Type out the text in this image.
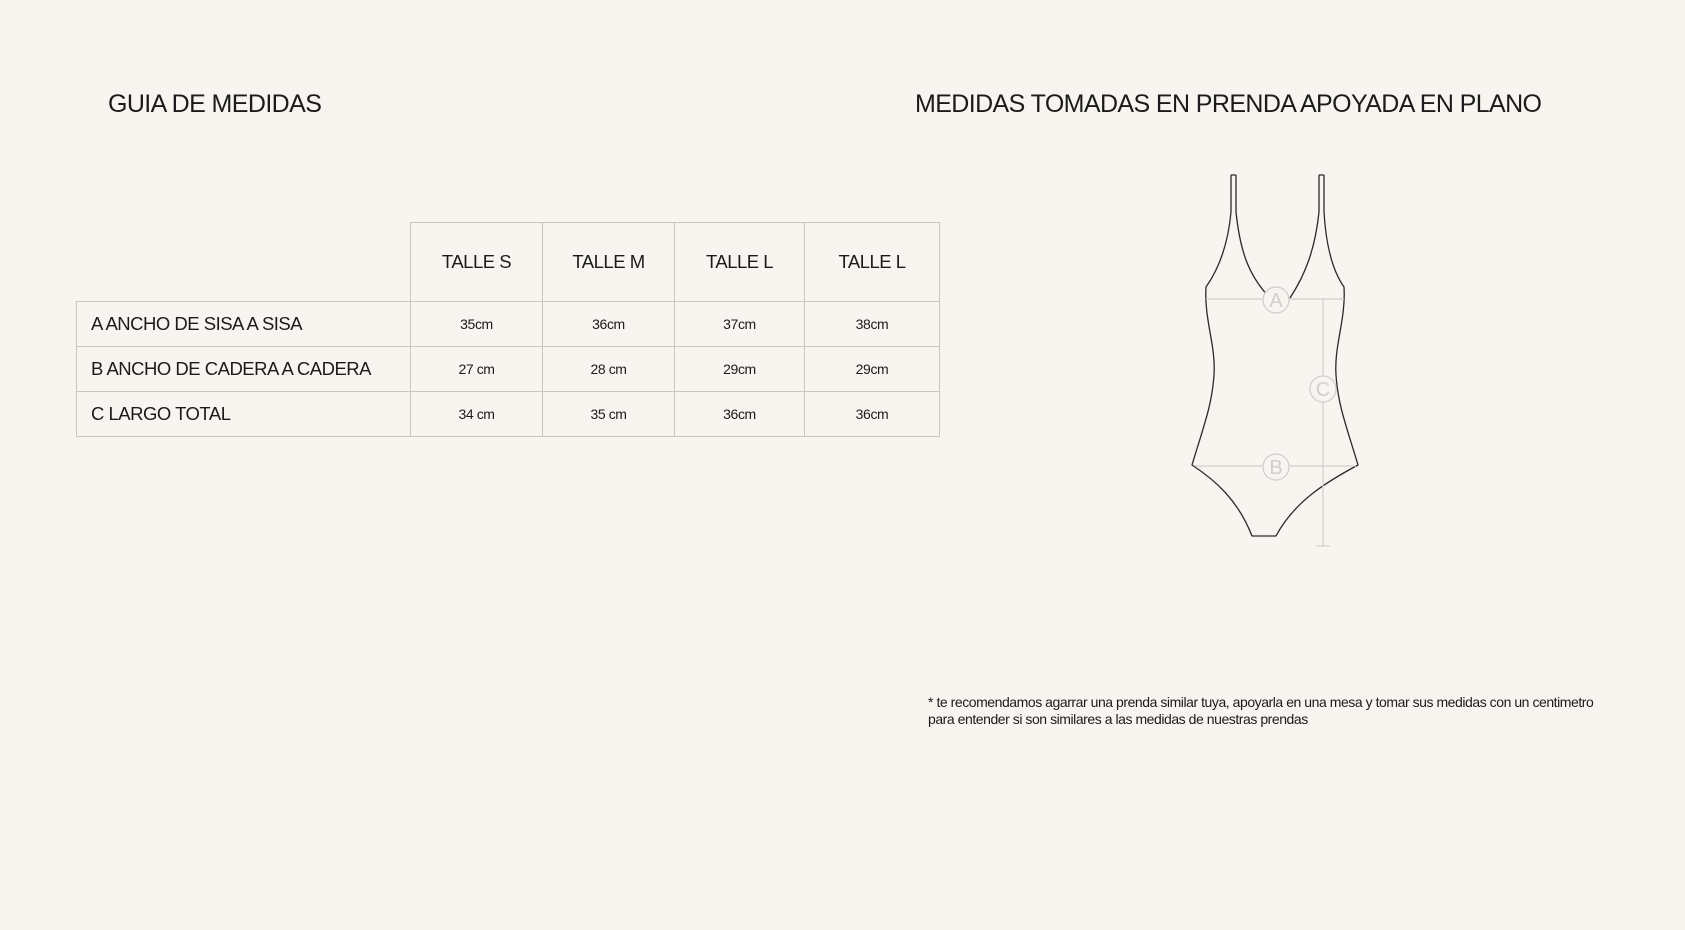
GUIA DE MEDIDAS	MEDIDAS TOMADAS EN PRENDA APOYADA EN PLANO
	TALLE S	TALLE M	TALLE L	TALLE L
A ANCHO DE SISA A SISA	35cm	36cm	37cm	38cm
B ANCHO DE CADERA A CADERA	27 cm	28 cm	29cm	29cm
C LARGO TOTAL	34 cm	35 cm	36cm	36cm
A
C
B
* te recomendamos agarrar una prenda similar tuya, apoyarla en una mesa y tomar sus medidas con un centimetro
para entender si son similares a las medidas de nuestras prendas
